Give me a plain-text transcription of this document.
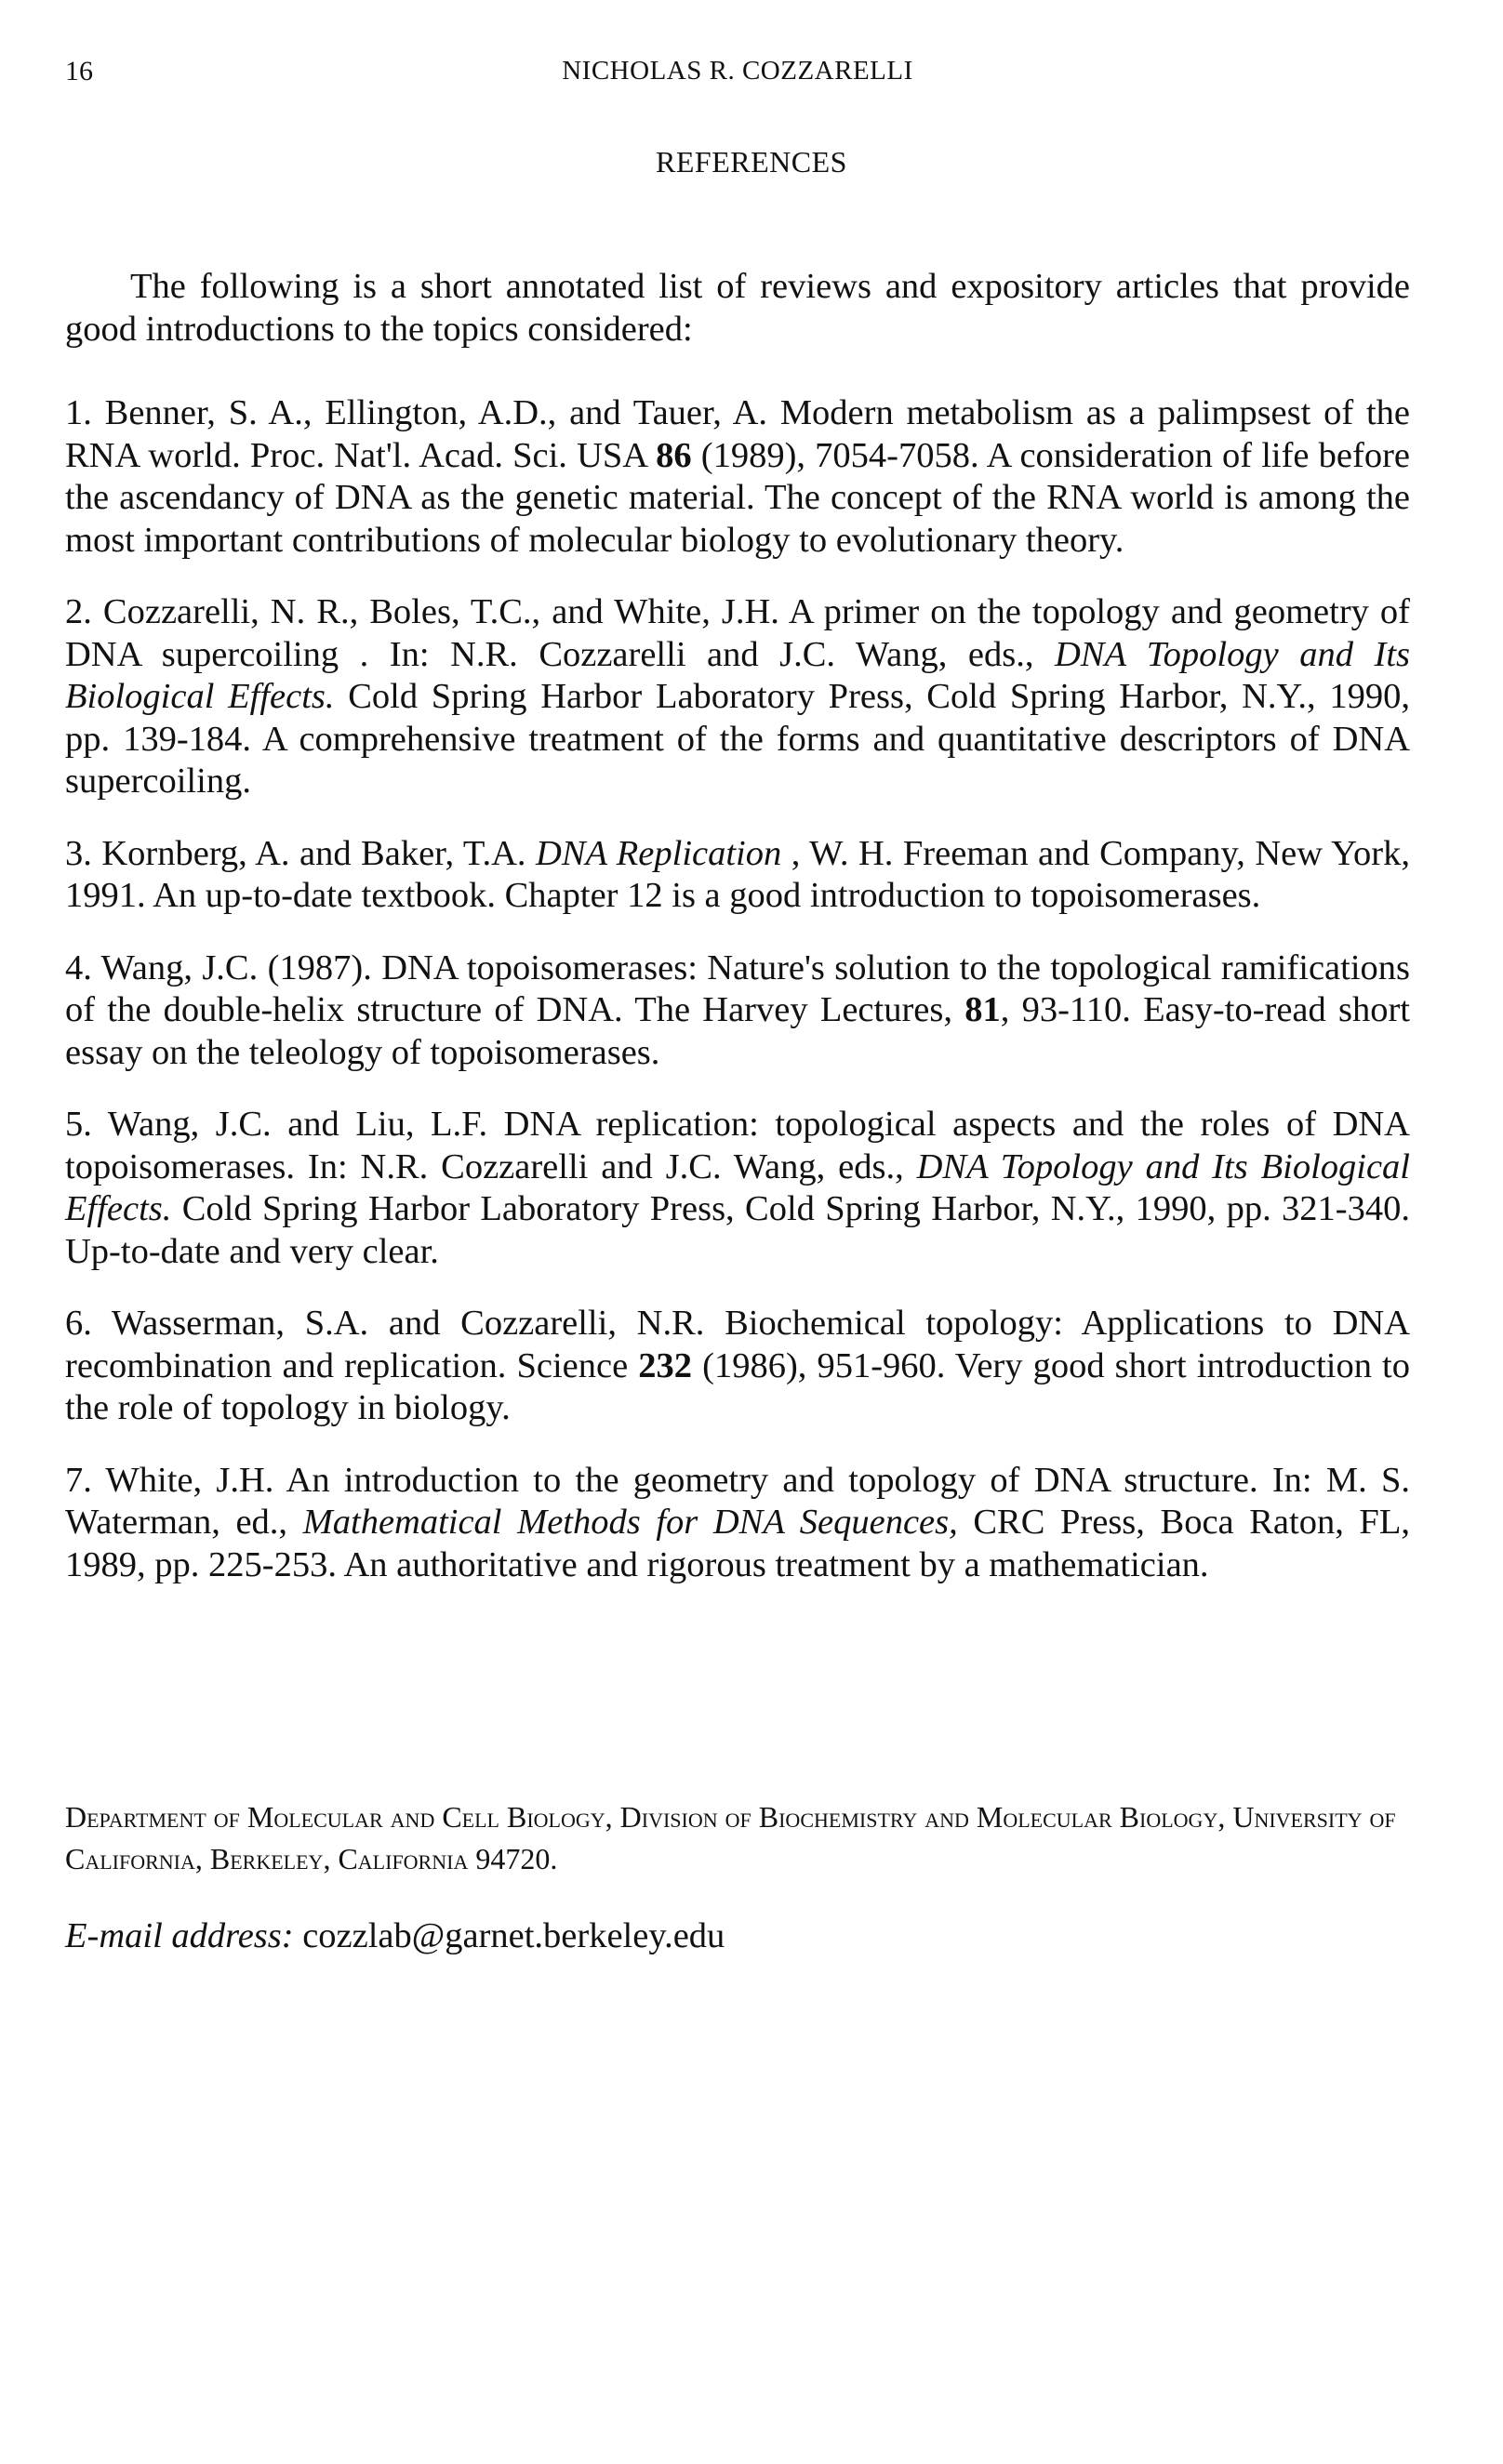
16	NICHOLAS R. COZZARELLI
REFERENCES

The following is a short annotated list of reviews and expository articles that provide good introductions to the topics considered:

1. Benner, S. A., Ellington, A.D., and Tauer, A. Modern metabolism as a palimpsest of the RNA world. Proc. Nat'l. Acad. Sci. USA 86 (1989), 7054-7058. A consideration of life before the ascendancy of DNA as the genetic material. The concept of the RNA world is among the most important contributions of molecular biology to evolutionary theory.
2. Cozzarelli, N. R., Boles, T.C., and White, J.H. A primer on the topology and geometry of DNA supercoiling . In: N.R. Cozzarelli and J.C. Wang, eds., DNA Topology and Its Biological Effects. Cold Spring Harbor Laboratory Press, Cold Spring Harbor, N.Y., 1990, pp. 139-184. A comprehensive treatment of the forms and quantitative descriptors of DNA supercoiling.
3. Kornberg, A. and Baker, T.A. DNA Replication , W. H. Freeman and Company, New York, 1991. An up-to-date textbook. Chapter 12 is a good introduction to topoisomerases.
4. Wang, J.C. (1987). DNA topoisomerases: Nature's solution to the topological ramifications of the double-helix structure of DNA. The Harvey Lectures, 81, 93-110. Easy-to-read short essay on the teleology of topoisomerases.
5. Wang, J.C. and Liu, L.F. DNA replication: topological aspects and the roles of DNA topoisomerases. In: N.R. Cozzarelli and J.C. Wang, eds., DNA Topology and Its Biological Effects. Cold Spring Harbor Laboratory Press, Cold Spring Harbor, N.Y., 1990, pp. 321-340. Up-to-date and very clear.
6. Wasserman, S.A. and Cozzarelli, N.R. Biochemical topology: Applications to DNA recombination and replication. Science 232 (1986), 951-960. Very good short introduction to the role of topology in biology.
7. White, J.H. An introduction to the geometry and topology of DNA structure. In: M. S. Waterman, ed., Mathematical Methods for DNA Sequences, CRC Press, Boca Raton, FL, 1989, pp. 225-253. An authoritative and rigorous treatment by a mathematician.

Department of Molecular and Cell Biology, Division of Biochemistry and Molecular Biology, University of California, Berkeley, California 94720.

E-mail address: cozzlab@garnet.berkeley.edu
